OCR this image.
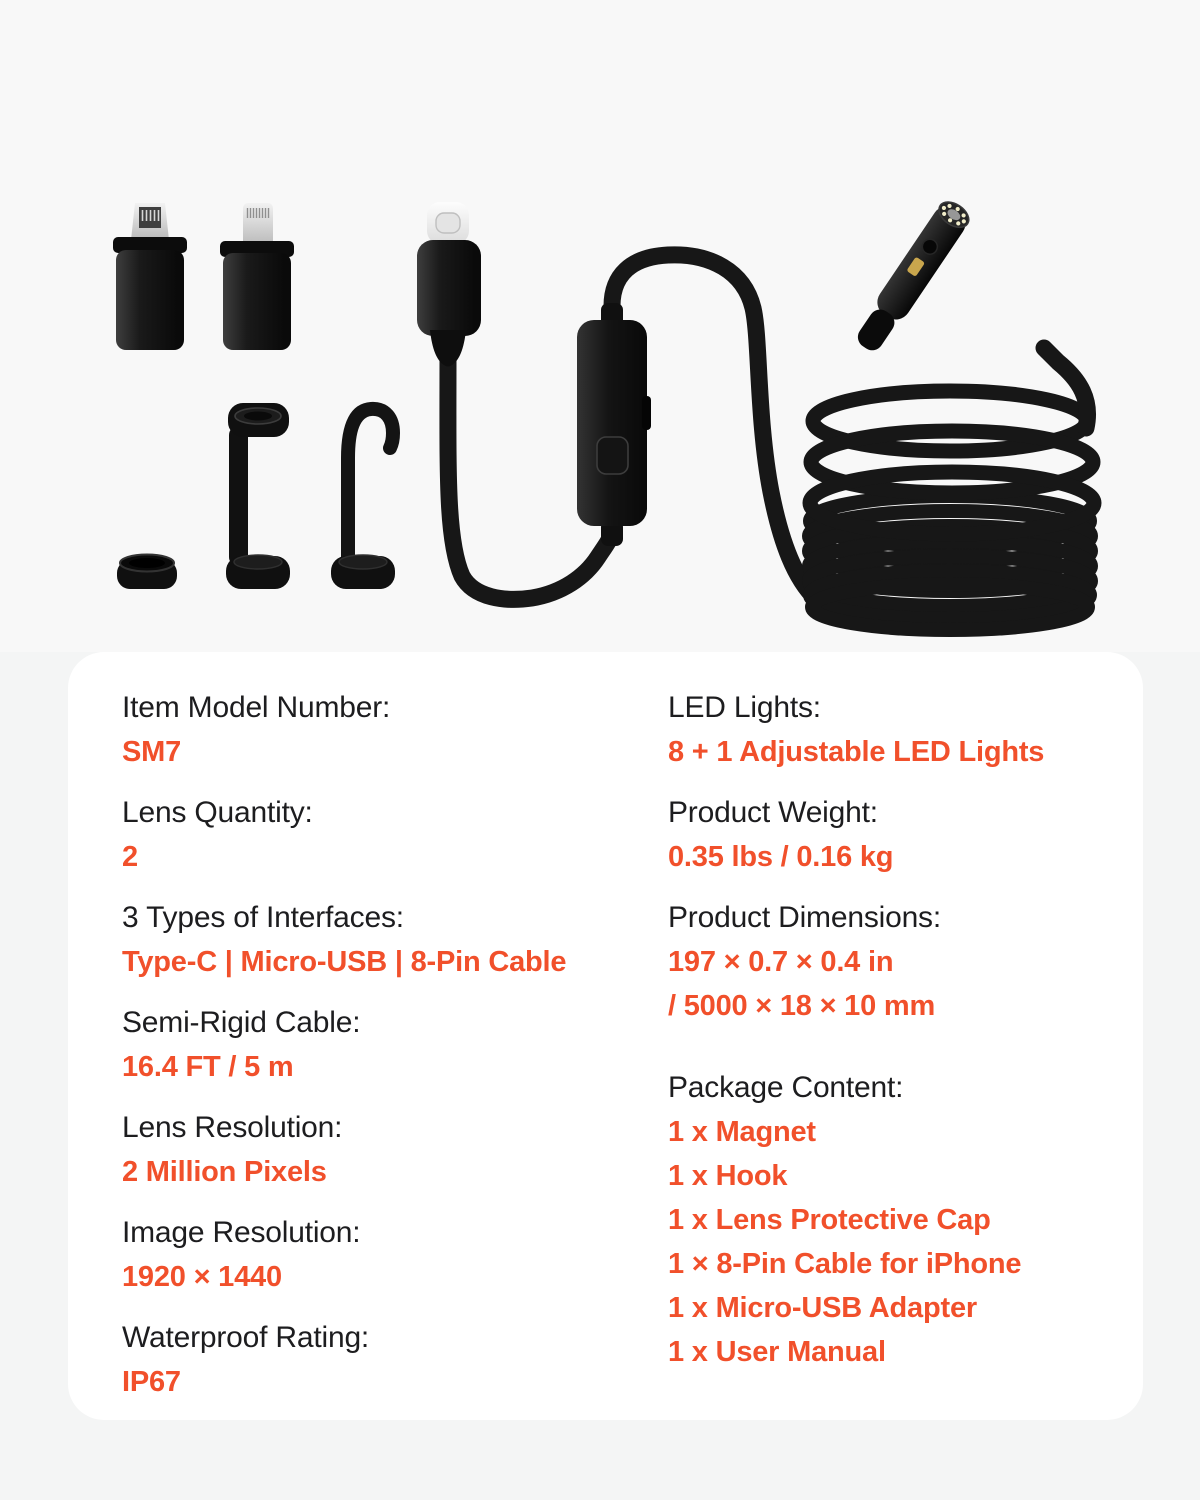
Item Model Number:
SM7
Lens Quantity:
2
3 Types of Interfaces:
Type-C | Micro-USB | 8-Pin Cable
Semi-Rigid Cable:
16.4 FT / 5 m
Lens Resolution:
2 Million Pixels
Image Resolution:
1920 × 1440
Waterproof Rating:
IP67
LED Lights:
8 + 1 Adjustable LED Lights
Product Weight:
0.35 lbs / 0.16 kg
Product Dimensions:
197 × 0.7 × 0.4 in
/ 5000 × 18 × 10 mm
Package Content:
1 x Magnet
1 x Hook
1 x Lens Protective Cap
1 × 8-Pin Cable for iPhone
1 x Micro-USB Adapter
1 x User Manual
